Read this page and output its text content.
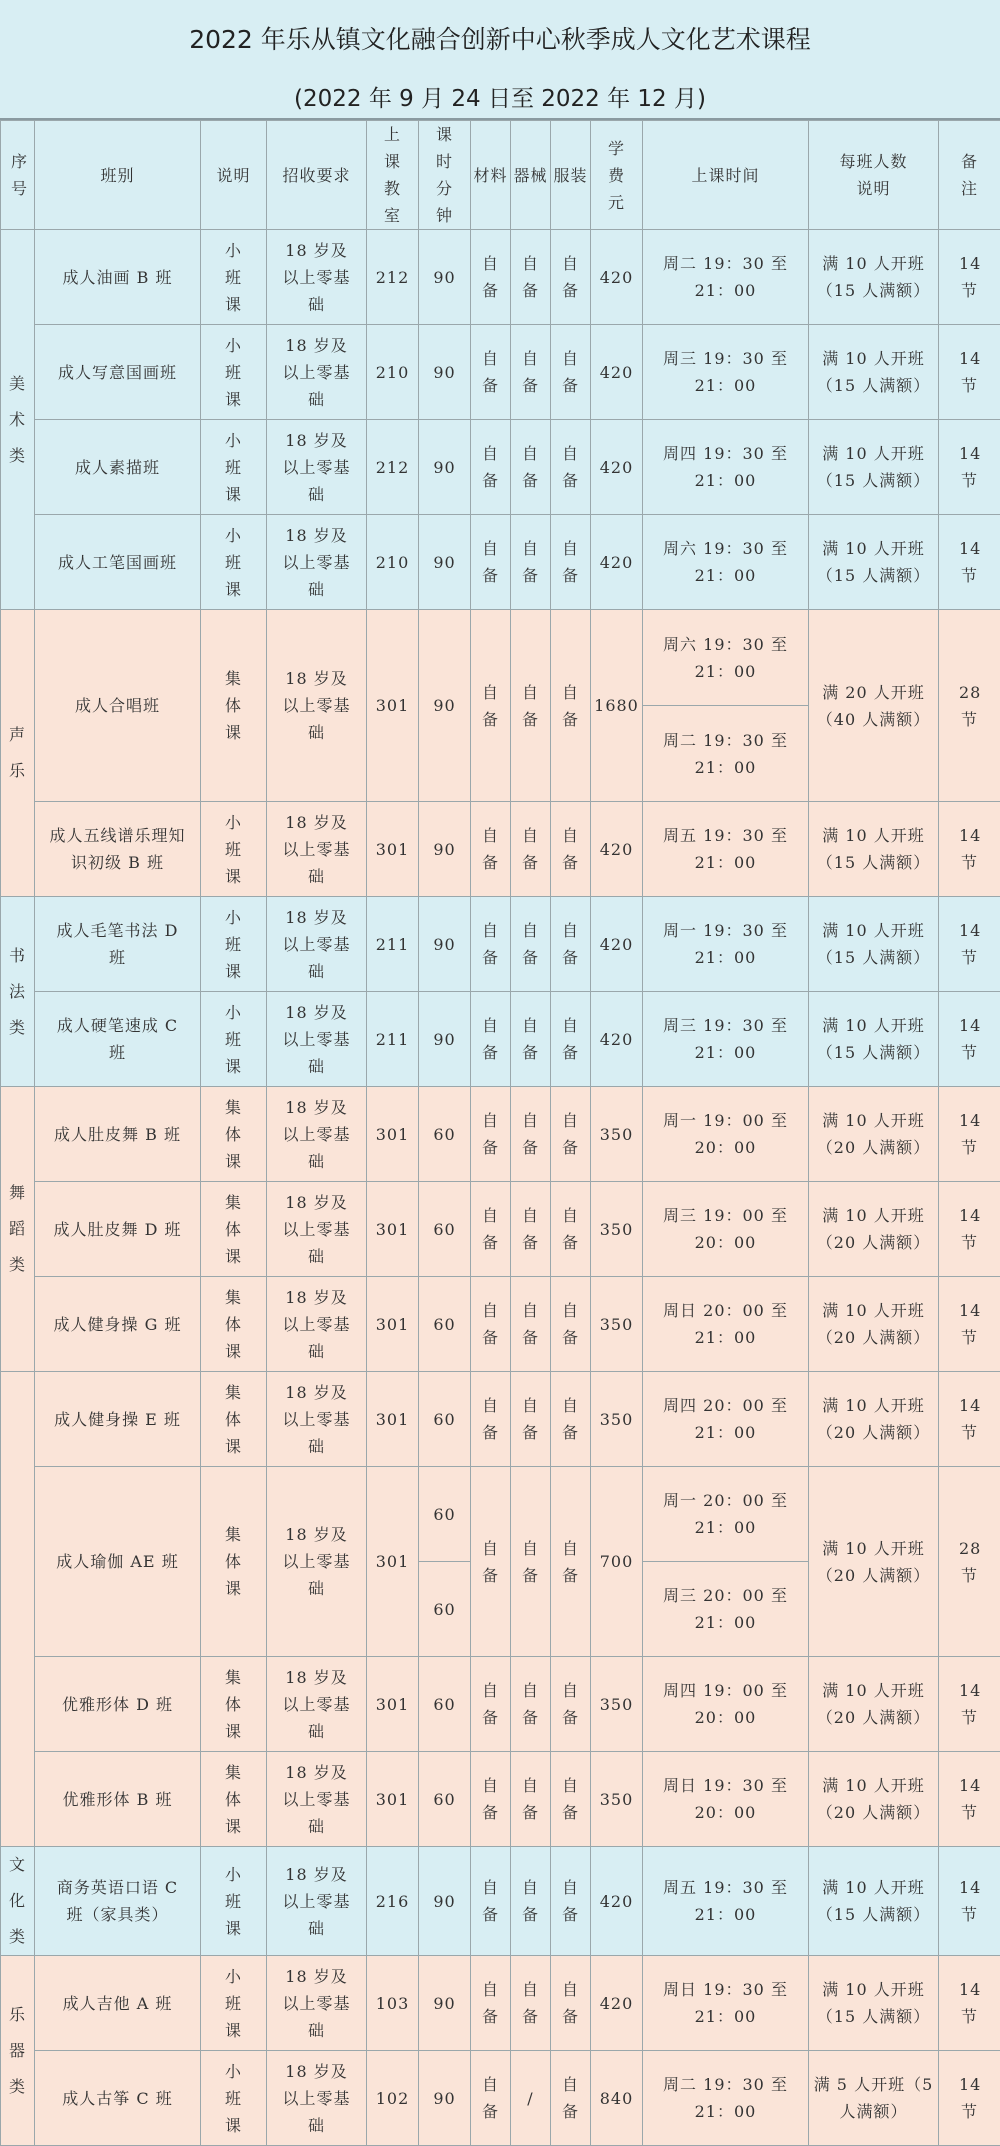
2022 年乐从镇文化融合创新中心秋季成人文化艺术课程
(2022 年 9 月 24 日至 2022 年 12 月)
序号	班别	说明	招收要求	上课教室	课时分钟	材料	器械	服装	学费元	上课时间	每班人数说明	备注
美术类	成人油画 B 班	小班课	18 岁及以上零基础	212	90	自备	自备	自备	420	周二 19：30 至 21：00	满 10 人开班（15 人满额）	14节
	成人写意国画班	小班课	18 岁及以上零基础	210	90	自备	自备	自备	420	周三 19：30 至 21：00	满 10 人开班（15 人满额）	14节
	成人素描班	小班课	18 岁及以上零基础	212	90	自备	自备	自备	420	周四 19：30 至 21：00	满 10 人开班（15 人满额）	14节
	成人工笔国画班	小班课	18 岁及以上零基础	210	90	自备	自备	自备	420	周六 19：30 至 21：00	满 10 人开班（15 人满额）	14节
声乐	成人合唱班	集体课	18 岁及以上零基础	301	90	自备	自备	自备	1680	周六 19：30 至 21：00	满 20 人开班（40 人满额）	28节
										周二 19：30 至 21：00		
	成人五线谱乐理知识初级 B 班	小班课	18 岁及以上零基础	301	90	自备	自备	自备	420	周五 19：30 至 21：00	满 10 人开班（15 人满额）	14节
书法类	成人毛笔书法 D 班	小班课	18 岁及以上零基础	211	90	自备	自备	自备	420	周一 19：30 至 21：00	满 10 人开班（15 人满额）	14节
	成人硬笔速成 C 班	小班课	18 岁及以上零基础	211	90	自备	自备	自备	420	周三 19：30 至 21：00	满 10 人开班（15 人满额）	14节
舞蹈类	成人肚皮舞 B 班	集体课	18 岁及以上零基础	301	60	自备	自备	自备	350	周一 19：00 至 20：00	满 10 人开班（20 人满额）	14节
	成人肚皮舞 D 班	集体课	18 岁及以上零基础	301	60	自备	自备	自备	350	周三 19：00 至 20：00	满 10 人开班（20 人满额）	14节
	成人健身操 G 班	集体课	18 岁及以上零基础	301	60	自备	自备	自备	350	周日 20：00 至 21：00	满 10 人开班（20 人满额）	14节
	成人健身操 E 班	集体课	18 岁及以上零基础	301	60	自备	自备	自备	350	周四 20：00 至 21：00	满 10 人开班（20 人满额）	14节
	成人瑜伽 AE 班	集体课	18 岁及以上零基础	301	60	自备	自备	自备	700	周一 20：00 至 21：00	满 10 人开班（20 人满额）	28节
					60					周三 20：00 至 21：00		
	优雅形体 D 班	集体课	18 岁及以上零基础	301	60	自备	自备	自备	350	周四 19：00 至 20：00	满 10 人开班（20 人满额）	14节
	优雅形体 B 班	集体课	18 岁及以上零基础	301	60	自备	自备	自备	350	周日 19：30 至 20：00	满 10 人开班（20 人满额）	14节
文化类	商务英语口语 C 班（家具类）	小班课	18 岁及以上零基础	216	90	自备	自备	自备	420	周五 19：30 至 21：00	满 10 人开班（15 人满额）	14节
乐器类	成人吉他 A 班	小班课	18 岁及以上零基础	103	90	自备	自备	自备	420	周日 19：30 至 21：00	满 10 人开班（15 人满额）	14节
	成人古筝 C 班	小班课	18 岁及以上零基础	102	90	自备	/	自备	840	周二 19：30 至 21：00	满 5 人开班（5 人满额）	14节
